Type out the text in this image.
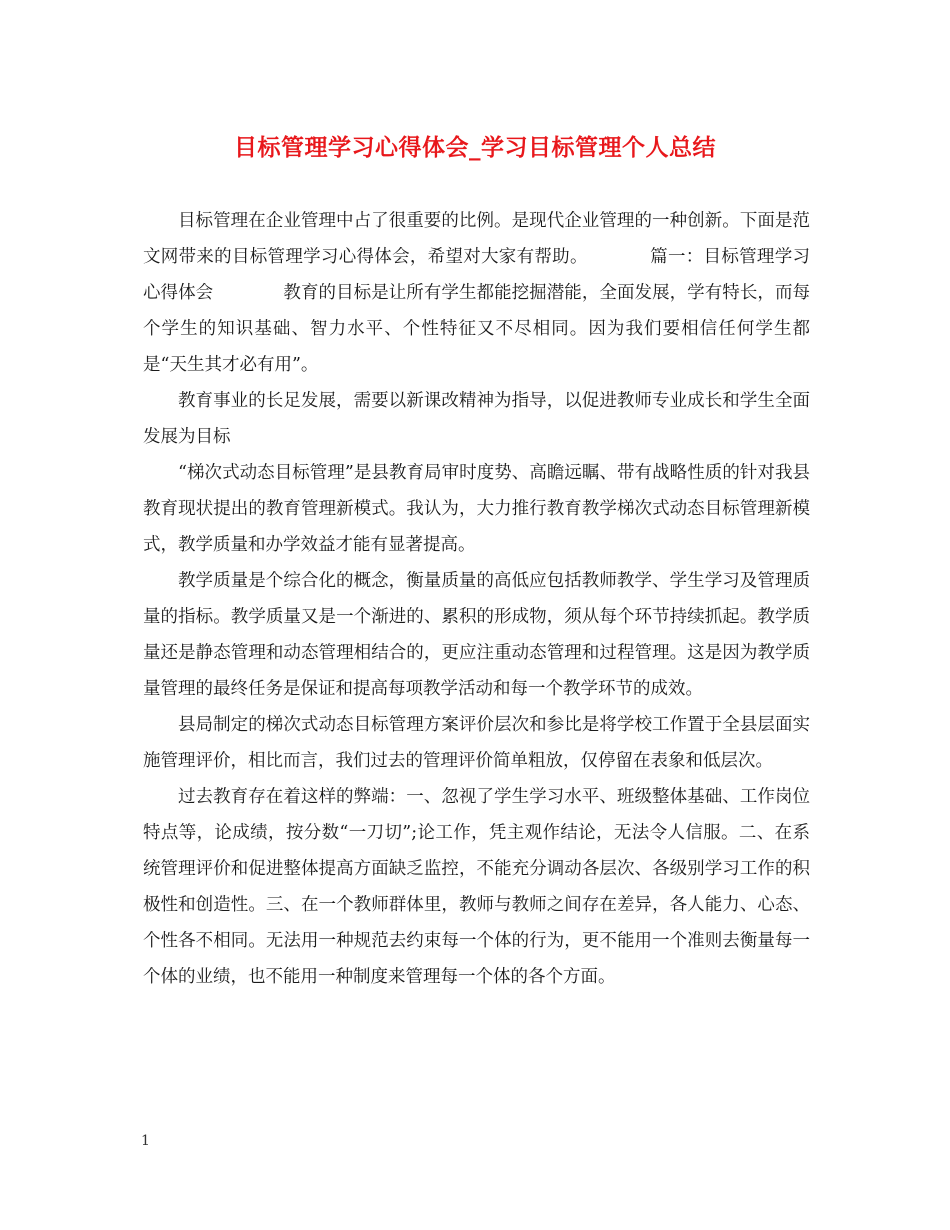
目标管理学习心得体会_学习目标管理个人总结

目标管理在企业管理中占了很重要的比例。是现代企业管理的一种创新。下面是范文网带来的目标管理学习心得体会，希望对大家有帮助。　　　　篇一：目标管理学习心得体会　　　　教育的目标是让所有学生都能挖掘潜能，全面发展，学有特长，而每个学生的知识基础、智力水平、个性特征又不尽相同。因为我们要相信任何学生都是“天生其才必有用”。

教育事业的长足发展，需要以新课改精神为指导，以促进教师专业成长和学生全面发展为目标

“梯次式动态目标管理”是县教育局审时度势、高瞻远瞩、带有战略性质的针对我县教育现状提出的教育管理新模式。我认为，大力推行教育教学梯次式动态目标管理新模式，教学质量和办学效益才能有显著提高。

教学质量是个综合化的概念，衡量质量的高低应包括教师教学、学生学习及管理质量的指标。教学质量又是一个渐进的、累积的形成物，须从每个环节持续抓起。教学质量还是静态管理和动态管理相结合的，更应注重动态管理和过程管理。这是因为教学质量管理的最终任务是保证和提高每项教学活动和每一个教学环节的成效。

县局制定的梯次式动态目标管理方案评价层次和参比是将学校工作置于全县层面实施管理评价，相比而言，我们过去的管理评价简单粗放，仅停留在表象和低层次。

过去教育存在着这样的弊端：一、忽视了学生学习水平、班级整体基础、工作岗位特点等，论成绩，按分数“一刀切”;论工作，凭主观作结论，无法令人信服。二、在系统管理评价和促进整体提高方面缺乏监控，不能充分调动各层次、各级别学习工作的积极性和创造性。三、在一个教师群体里，教师与教师之间存在差异，各人能力、心态、个性各不相同。无法用一种规范去约束每一个体的行为，更不能用一个准则去衡量每一个体的业绩，也不能用一种制度来管理每一个体的各个方面。

1
